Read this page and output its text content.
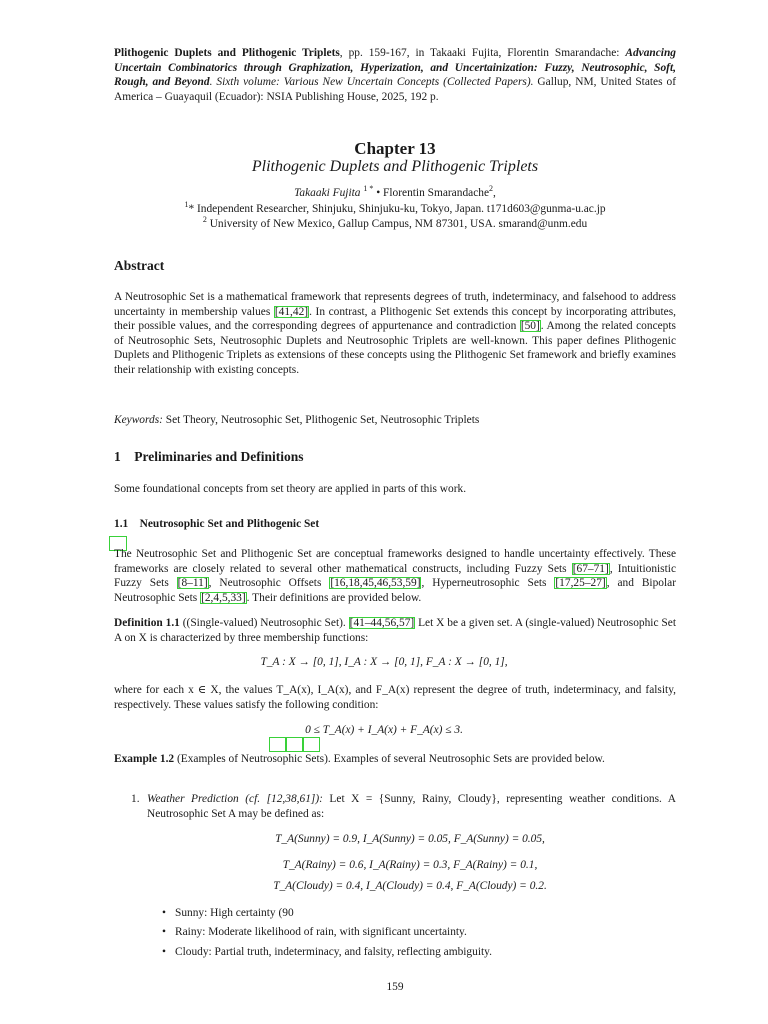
Plithogenic Duplets and Plithogenic Triplets, pp. 159-167, in Takaaki Fujita, Florentin Smarandache: Advancing Uncertain Combinatorics through Graphization, Hyperization, and Uncertainization: Fuzzy, Neutrosophic, Soft, Rough, and Beyond. Sixth volume: Various New Uncertain Concepts (Collected Papers). Gallup, NM, United States of America – Guayaquil (Ecuador): NSIA Publishing House, 2025, 192 p.
Chapter 13
Plithogenic Duplets and Plithogenic Triplets
Takaaki Fujita $^{1 *}$ • Florentin Smarandache$^2$,
$^1$* Independent Researcher, Shinjuku, Shinjuku-ku, Tokyo, Japan. t171d603@gunma-u.ac.jp
$^2$ University of New Mexico, Gallup Campus, NM 87301, USA. smarand@unm.edu
Abstract
A Neutrosophic Set is a mathematical framework that represents degrees of truth, indeterminacy, and falsehood to address uncertainty in membership values [41,42]. In contrast, a Plithogenic Set extends this concept by incorporating attributes, their possible values, and the corresponding degrees of appurtenance and contradiction [50]. Among the related concepts of Neutrosophic Sets, Neutrosophic Duplets and Neutrosophic Triplets are well-known. This paper defines Plithogenic Duplets and Plithogenic Triplets as extensions of these concepts using the Plithogenic Set framework and briefly examines their relationship with existing concepts.
Keywords: Set Theory, Neutrosophic Set, Plithogenic Set, Neutrosophic Triplets
1 Preliminaries and Definitions
Some foundational concepts from set theory are applied in parts of this work.
1.1 Neutrosophic Set and Plithogenic Set
The Neutrosophic Set and Plithogenic Set are conceptual frameworks designed to handle uncertainty effectively. These frameworks are closely related to several other mathematical constructs, including Fuzzy Sets [67–71], Intuitionistic Fuzzy Sets [8–11], Neutrosophic Offsets [16,18,45,46,53,59], Hyperneutrosophic Sets [17,25–27], and Bipolar Neutrosophic Sets [2,4,5,33]. Their definitions are provided below.
Definition 1.1 ((Single-valued) Neutrosophic Set). [41–44,56,57] Let X be a given set. A (single-valued) Neutrosophic Set A on X is characterized by three membership functions:
T_A : X → [0, 1], I_A : X → [0, 1], F_A : X → [0, 1],
where for each x ∈ X, the values T_A(x), I_A(x), and F_A(x) represent the degree of truth, indeterminacy, and falsity, respectively. These values satisfy the following condition:
0 ≤ T_A(x) + I_A(x) + F_A(x) ≤ 3.
Example 1.2 (Examples of Neutrosophic Sets). Examples of several Neutrosophic Sets are provided below.
1. Weather Prediction (cf. [12,38,61]): Let X = {Sunny, Rainy, Cloudy}, representing weather conditions. A Neutrosophic Set A may be defined as:
T_A(Sunny) = 0.9, I_A(Sunny) = 0.05, F_A(Sunny) = 0.05,
T_A(Rainy) = 0.6, I_A(Rainy) = 0.3, F_A(Rainy) = 0.1,
T_A(Cloudy) = 0.4, I_A(Cloudy) = 0.4, F_A(Cloudy) = 0.2.
• Sunny: High certainty (90
• Rainy: Moderate likelihood of rain, with significant uncertainty.
• Cloudy: Partial truth, indeterminacy, and falsity, reflecting ambiguity.
159
